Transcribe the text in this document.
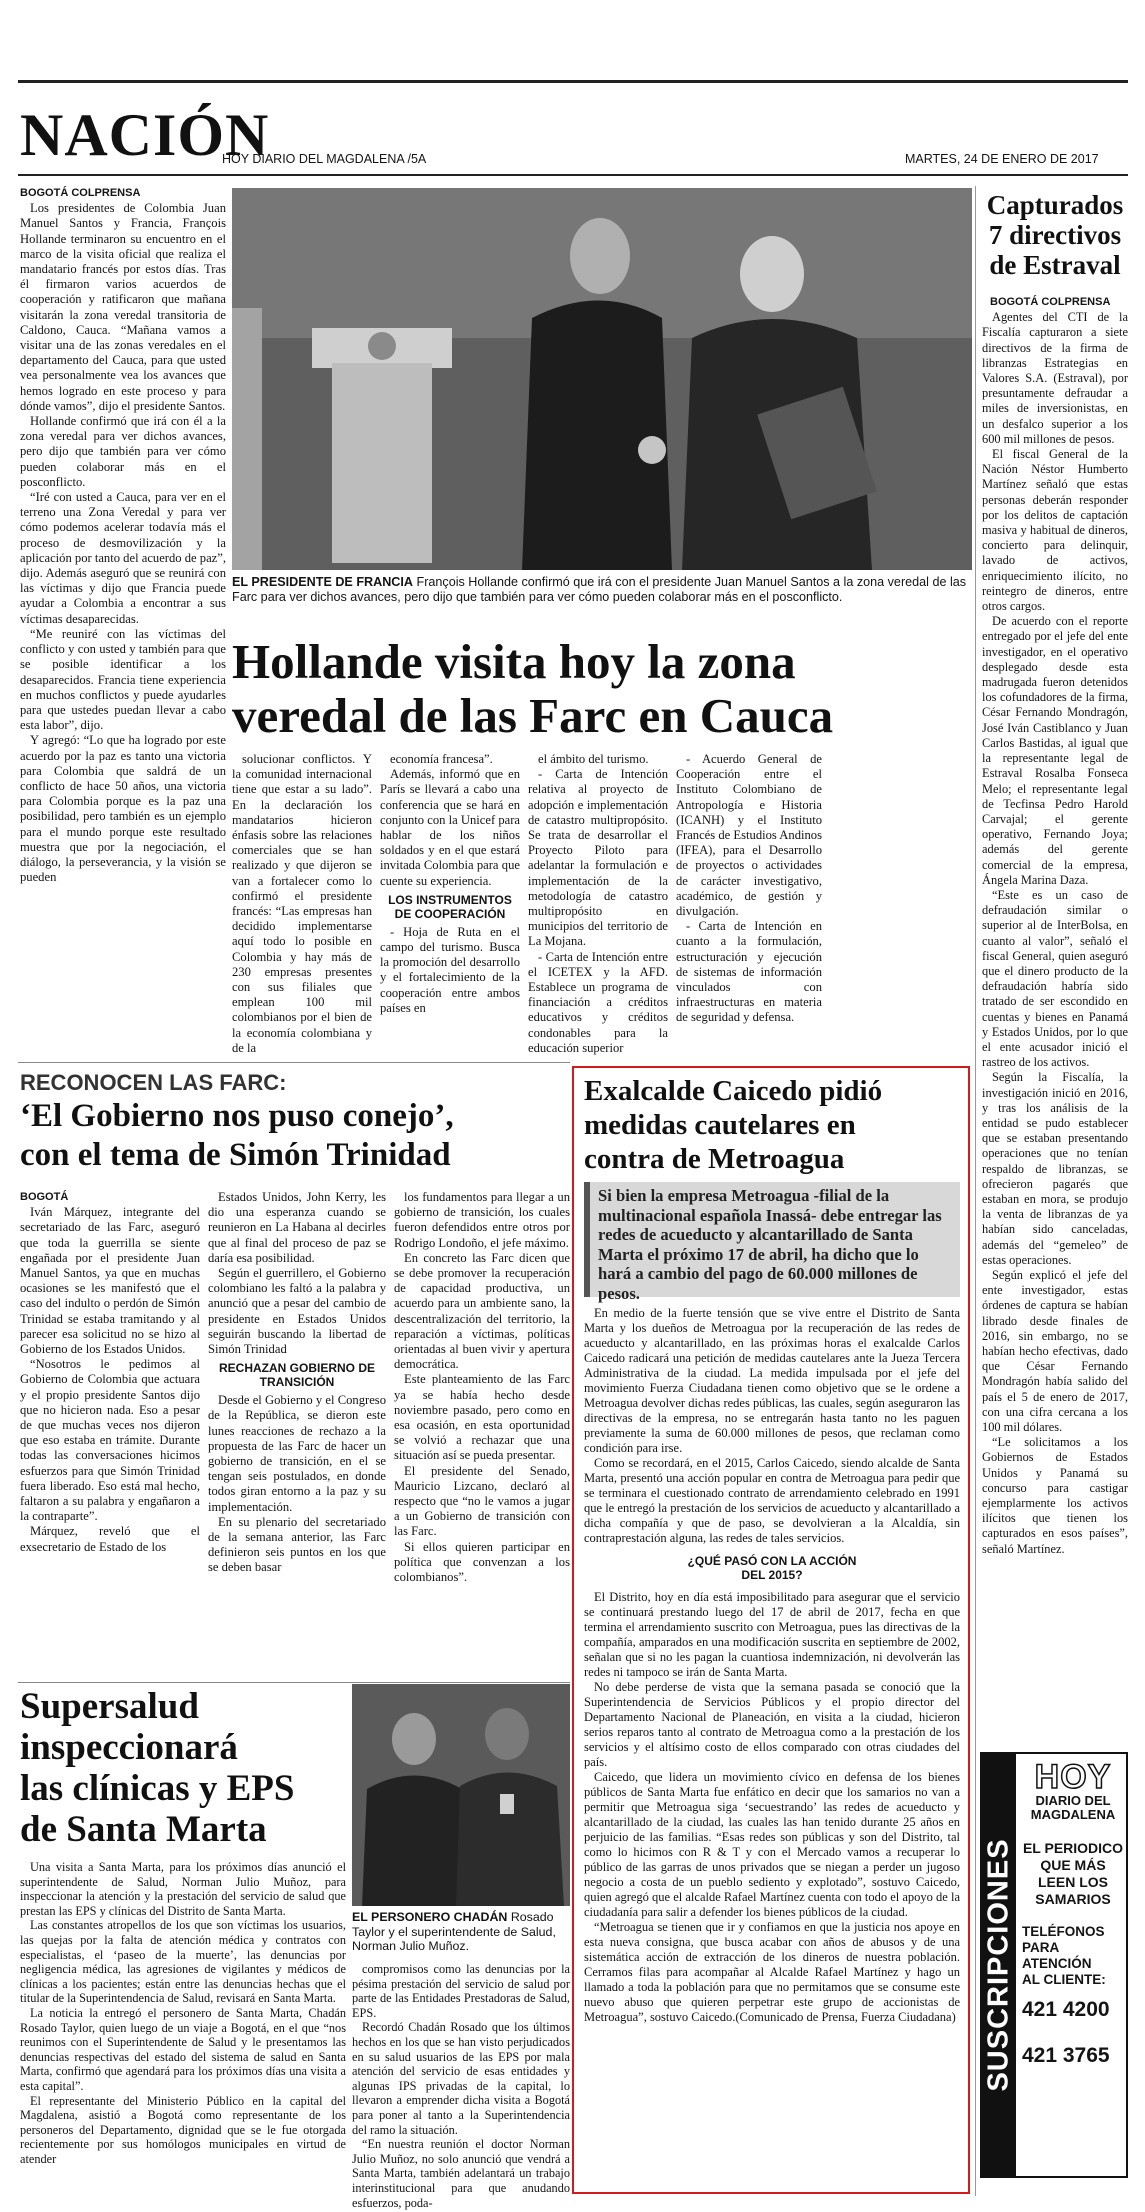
NACIÓN
HOY DIARIO DEL MAGDALENA /5A	MARTES, 24 DE ENERO DE 2017

BOGOTÁ COLPRENSA

Los presidentes de Colombia Juan Manuel Santos y Francia, François Hollande terminaron su encuentro en el marco de la visita oficial que realiza el mandatario francés por estos días. Tras él firmaron varios acuerdos de cooperación y ratificaron que mañana visitarán la zona veredal transitoria de Caldono, Cauca. “Mañana vamos a visitar una de las zonas veredales en el departamento del Cauca, para que usted vea personalmente vea los avances que hemos logrado en este proceso y para dónde vamos”, dijo el presidente Santos.

Hollande confirmó que irá con él a la zona veredal para ver dichos avances, pero dijo que también para ver cómo pueden colaborar más en el posconflicto.

“Iré con usted a Cauca, para ver en el terreno una Zona Veredal y para ver cómo podemos acelerar todavía más el proceso de desmovilización y la aplicación por tanto del acuerdo de paz”, dijo. Además aseguró que se reunirá con las víctimas y dijo que Francia puede ayudar a Colombia a encontrar a sus víctimas desaparecidas.

“Me reuniré con las víctimas del conflicto y con usted y también para que se posible identificar a los desaparecidos. Francia tiene experiencia en muchos conflictos y puede ayudarles para que ustedes puedan llevar a cabo esta labor”, dijo.

Y agregó: “Lo que ha logrado por este acuerdo por la paz es tanto una victoria para Colombia que saldrá de un conflicto de hace 50 años, una victoria para Colombia porque es la paz una posibilidad, pero también es un ejemplo para el mundo porque este resultado muestra que por la negociación, el diálogo, la perseverancia, y la visión se pueden

EL PRESIDENTE DE FRANCIA François Hollande confirmó que irá con el presidente Juan Manuel Santos a la zona veredal de las Farc para ver dichos avances, pero dijo que también para ver cómo pueden colaborar más en el posconflicto.
Hollande visita hoy la zona
veredal de las Farc en Cauca

solucionar conflictos. Y la comunidad internacional tiene que estar a su lado”. En la declaración los mandatarios hicieron énfasis sobre las relaciones comerciales que se han realizado y que dijeron se van a fortalecer como lo confirmó el presidente francés: “Las empresas han decidido implementarse aquí todo lo posible en Colombia y hay más de 230 empresas presentes con sus filiales que emplean 100 mil colombianos por el bien de la economía colombiana y de la

economía francesa”.

Además, informó que en París se llevará a cabo una conferencia que se hará en conjunto con la Unicef para hablar de los niños soldados y en el que estará invitada Colombia para que cuente su experiencia.

LOS INSTRUMENTOS DE COOPERACIÓN

- Hoja de Ruta en el campo del turismo. Busca la promoción del desarrollo y el fortalecimiento de la cooperación entre ambos países en

el ámbito del turismo.

- Carta de Intención relativa al proyecto de adopción e implementación de catastro multipropósito. Se trata de desarrollar el Proyecto Piloto para adelantar la formulación e implementación de la metodología de catastro multipropósito en municipios del territorio de La Mojana.

- Carta de Intención entre el ICETEX y la AFD. Establece un programa de financiación a créditos educativos y créditos condonables para la educación superior

- Acuerdo General de Cooperación entre el Instituto Colombiano de Antropología e Historia (ICANH) y el Instituto Francés de Estudios Andinos (IFEA), para el Desarrollo de proyectos o actividades de carácter investigativo, académico, de gestión y divulgación.

- Carta de Intención en cuanto a la formulación, estructuración y ejecución de sistemas de información vinculados con infraestructuras en materia de seguridad y defensa.

Capturados
7 directivos
de Estraval

BOGOTÁ COLPRENSA

Agentes del CTI de la Fiscalía capturaron a siete directivos de la firma de libranzas Estrategias en Valores S.A. (Estraval), por presuntamente defraudar a miles de inversionistas, en un desfalco superior a los 600 mil millones de pesos.

El fiscal General de la Nación Néstor Humberto Martínez señaló que estas personas deberán responder por los delitos de captación masiva y habitual de dineros, concierto para delinquir, lavado de activos, enriquecimiento ilícito, no reintegro de dineros, entre otros cargos.

De acuerdo con el reporte entregado por el jefe del ente investigador, en el operativo desplegado desde esta madrugada fueron detenidos los cofundadores de la firma, César Fernando Mondragón, José Iván Castiblanco y Juan Carlos Bastidas, al igual que la representante legal de Estraval Rosalba Fonseca Melo; el representante legal de Tecfinsa Pedro Harold Carvajal; el gerente operativo, Fernando Joya; además del gerente comercial de la empresa, Ángela Marina Daza.

“Este es un caso de defraudación similar o superior al de InterBolsa, en cuanto al valor”, señaló el fiscal General, quien aseguró que el dinero producto de la defraudación habría sido tratado de ser escondido en cuentas y bienes en Panamá y Estados Unidos, por lo que el ente acusador inició el rastreo de los activos.

Según la Fiscalía, la investigación inició en 2016, y tras los análisis de la entidad se pudo establecer que se estaban presentando operaciones que no tenían respaldo de libranzas, se ofrecieron pagarés que estaban en mora, se produjo la venta de libranzas de ya habían sido canceladas, además del “gemeleo” de estas operaciones.

Según explicó el jefe del ente investigador, estas órdenes de captura se habían librado desde finales de 2016, sin embargo, no se habían hecho efectivas, dado que César Fernando Mondragón había salido del país el 5 de enero de 2017, con una cifra cercana a los 100 mil dólares.

“Le solicitamos a los Gobiernos de Estados Unidos y Panamá su concurso para castigar ejemplarmente los activos ilícitos que tienen los capturados en esos países”, señaló Martínez.

RECONOCEN LAS FARC:
‘El Gobierno nos puso conejo’,
con el tema de Simón Trinidad

BOGOTÁ

Iván Márquez, integrante del secretariado de las Farc, aseguró que toda la guerrilla se siente engañada por el presidente Juan Manuel Santos, ya que en muchas ocasiones se les manifestó que el caso del indulto o perdón de Simón Trinidad se estaba tramitando y al parecer esa solicitud no se hizo al Gobierno de los Estados Unidos.

“Nosotros le pedimos al Gobierno de Colombia que actuara y el propio presidente Santos dijo que no hicieron nada. Eso a pesar de que muchas veces nos dijeron que eso estaba en trámite. Durante todas las conversaciones hicimos esfuerzos para que Simón Trinidad fuera liberado. Eso está mal hecho, faltaron a su palabra y engañaron a la contraparte”.

Márquez, reveló que el exsecretario de Estado de los

Estados Unidos, John Kerry, les dio una esperanza cuando se reunieron en La Habana al decirles que al final del proceso de paz se daría esa posibilidad.

Según el guerrillero, el Gobierno colombiano les faltó a la palabra y anunció que a pesar del cambio de presidente en Estados Unidos seguirán buscando la libertad de Simón Trinidad

RECHAZAN GOBIERNO DE TRANSICIÓN

Desde el Gobierno y el Congreso de la República, se dieron este lunes reacciones de rechazo a la propuesta de las Farc de hacer un gobierno de transición, en el se tengan seis postulados, en donde todos giran entorno a la paz y su implementación.

En su plenario del secretariado de la semana anterior, las Farc definieron seis puntos en los que se deben basar

los fundamentos para llegar a un gobierno de transición, los cuales fueron defendidos entre otros por Rodrigo Londoño, el jefe máximo.

En concreto las Farc dicen que se debe promover la recuperación de capacidad productiva, un acuerdo para un ambiente sano, la descentralización del territorio, la reparación a víctimas, políticas orientadas al buen vivir y apertura democrática.

Este planteamiento de las Farc ya se había hecho desde noviembre pasado, pero como en esa ocasión, en esta oportunidad se volvió a rechazar que una situación así se pueda presentar.

El presidente del Senado, Mauricio Lizcano, declaró al respecto que “no le vamos a jugar a un Gobierno de transición con las Farc.

Si ellos quieren participar en política que convenzan a los colombianos”.

Exalcalde Caicedo pidió
medidas cautelares en
contra de Metroagua
Si bien la empresa Metroagua -filial de la multinacional española Inassá- debe entregar las redes de acueducto y alcantarillado de Santa Marta el próximo 17 de abril, ha dicho que lo hará a cambio del pago de 60.000 millones de pesos.

En medio de la fuerte tensión que se vive entre el Distrito de Santa Marta y los dueños de Metroagua por la recuperación de las redes de acueducto y alcantarillado, en las próximas horas el exalcalde Carlos Caicedo radicará una petición de medidas cautelares ante la Jueza Tercera Administrativa de la ciudad. La medida impulsada por el jefe del movimiento Fuerza Ciudadana tienen como objetivo que se le ordene a Metroagua devolver dichas redes públicas, las cuales, según aseguraron las directivas de la empresa, no se entregarán hasta tanto no les paguen previamente la suma de 60.000 millones de pesos, que reclaman como condición para irse.

Como se recordará, en el 2015, Carlos Caicedo, siendo alcalde de Santa Marta, presentó una acción popular en contra de Metroagua para pedir que se terminara el cuestionado contrato de arrendamiento celebrado en 1991 que le entregó la prestación de los servicios de acueducto y alcantarillado a dicha compañía y que de paso, se devolvieran a la Alcaldía, sin contraprestación alguna, las redes de tales servicios.

¿QUÉ PASÓ CON LA ACCIÓN DEL 2015?

El Distrito, hoy en día está imposibilitado para asegurar que el servicio se continuará prestando luego del 17 de abril de 2017, fecha en que termina el arrendamiento suscrito con Metroagua, pues las directivas de la compañía, amparados en una modificación suscrita en septiembre de 2002, señalan que si no les pagan la cuantiosa indemnización, ni devolverán las redes ni tampoco se irán de Santa Marta.

No debe perderse de vista que la semana pasada se conoció que la Superintendencia de Servicios Públicos y el propio director del Departamento Nacional de Planeación, en visita a la ciudad, hicieron serios reparos tanto al contrato de Metroagua como a la prestación de los servicios y el altísimo costo de ellos comparado con otras ciudades del país.

Caicedo, que lidera un movimiento cívico en defensa de los bienes públicos de Santa Marta fue enfático en decir que los samarios no van a permitir que Metroagua siga ‘secuestrando’ las redes de acueducto y alcantarillado de la ciudad, las cuales las han tenido durante 25 años en perjuicio de las familias. “Esas redes son públicas y son del Distrito, tal como lo hicimos con R & T y con el Mercado vamos a recuperar lo público de las garras de unos privados que se niegan a perder un jugoso negocio a costa de un pueblo sediento y explotado”, sostuvo Caicedo, quien agregó que el alcalde Rafael Martínez cuenta con todo el apoyo de la ciudadanía para salir a defender los bienes públicos de la ciudad.

“Metroagua se tienen que ir y confiamos en que la justicia nos apoye en esta nueva consigna, que busca acabar con años de abusos y de una sistemática acción de extracción de los dineros de nuestra población. Cerramos filas para acompañar al Alcalde Rafael Martínez y hago un llamado a toda la población para que no permitamos que se consume este nuevo abuso que quieren perpetrar este grupo de accionistas de Metroagua”, sostuvo Caicedo.(Comunicado de Prensa, Fuerza Ciudadana)

Supersalud
inspeccionará
las clínicas y EPS
de Santa Marta
EL PERSONERO CHADÁN Rosado Taylor y el superintendente de Salud, Norman Julio Muñoz.

Una visita a Santa Marta, para los próximos días anunció el superintendente de Salud, Norman Julio Muñoz, para inspeccionar la atención y la prestación del servicio de salud que prestan las EPS y clínicas del Distrito de Santa Marta.

Las constantes atropellos de los que son víctimas los usuarios, las quejas por la falta de atención médica y contratos con especialistas, el ‘paseo de la muerte’, las denuncias por negligencia médica, las agresiones de vigilantes y médicos de clínicas a los pacientes; están entre las denuncias hechas que el titular de la Superintendencia de Salud, revisará en Santa Marta.

La noticia la entregó el personero de Santa Marta, Chadán Rosado Taylor, quien luego de un viaje a Bogotá, en el que “nos reunimos con el Superintendente de Salud y le presentamos las denuncias respectivas del estado del sistema de salud en Santa Marta, confirmó que agendará para los próximos días una visita a esta capital”.

El representante del Ministerio Público en la capital del Magdalena, asistió a Bogotá como representante de los personeros del Departamento, dignidad que se le fue otorgada recientemente por sus homólogos municipales en virtud de atender

compromisos como las denuncias por la pésima prestación del servicio de salud por parte de las Entidades Prestadoras de Salud, EPS.

Recordó Chadán Rosado que los últimos hechos en los que se han visto perjudicados en su salud usuarios de las EPS por mala atención del servicio de esas entidades y algunas IPS privadas de la capital, lo llevaron a emprender dicha visita a Bogotá para poner al tanto a la Superintendencia del ramo la situación.

“En nuestra reunión el doctor Norman Julio Muñoz, no solo anunció que vendrá a Santa Marta, también adelantará un trabajo interinstitucional para que anudando esfuerzos, poda-

SUSCRIPCIONES
HOY
DIARIO DEL
MAGDALENA
EL PERIODICO
QUE MÁS
LEEN LOS
SAMARIOS
TELÉFONOS
PARA
ATENCIÓN
AL CLIENTE:
421 4200
421 3765
